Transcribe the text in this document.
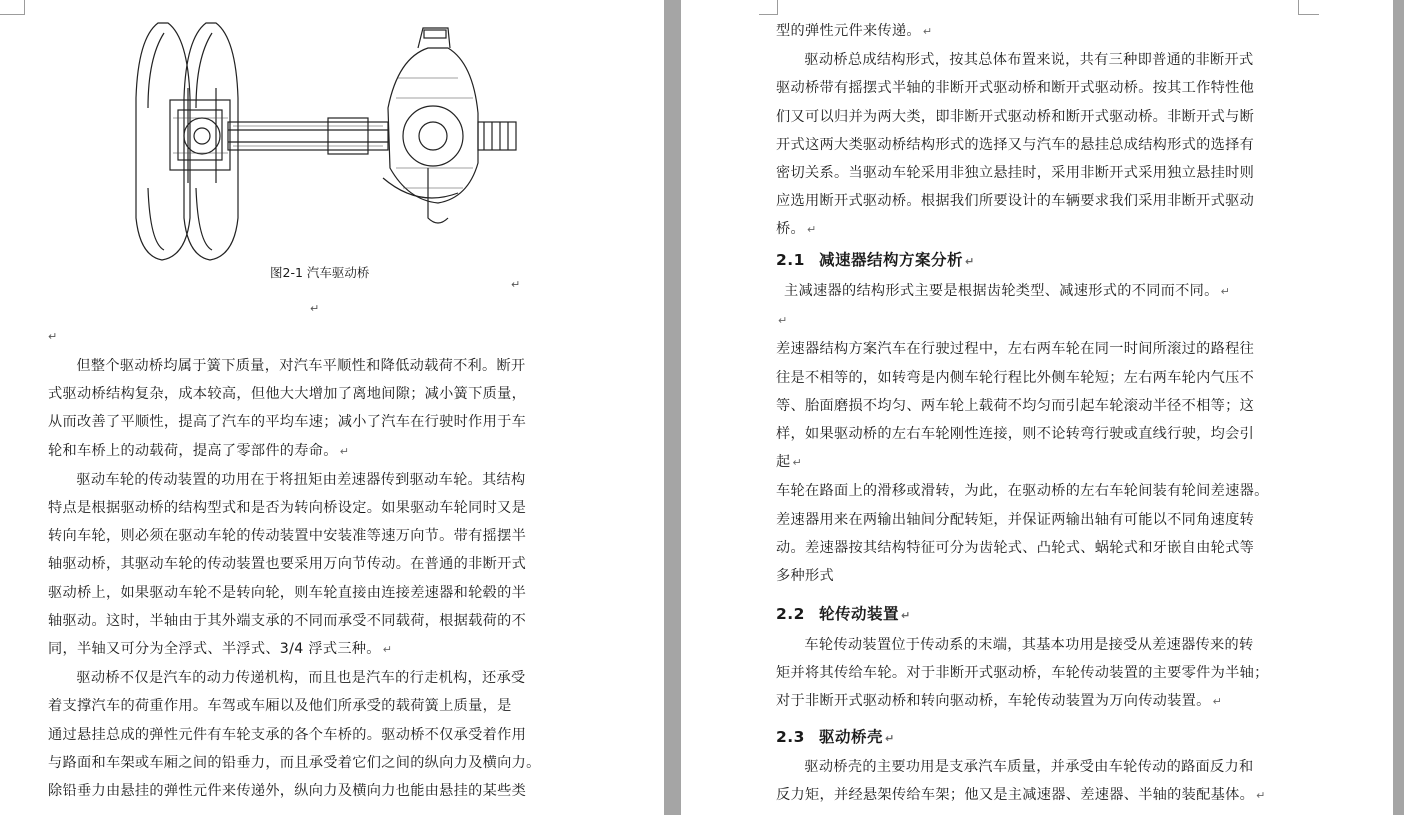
图2-1 汽车驱动桥
↵
↵
↵

但整个驱动桥均属于簧下质量，对汽车平顺性和降低动载荷不利。断开
式驱动桥结构复杂，成本较高，但他大大增加了离地间隙；减小簧下质量，
从而改善了平顺性，提高了汽车的平均车速；减小了汽车在行驶时作用于车
轮和车桥上的动载荷，提高了零部件的寿命。 ↵

驱动车轮的传动装置的功用在于将扭矩由差速器传到驱动车轮。其结构
特点是根据驱动桥的结构型式和是否为转向桥设定。如果驱动车轮同时又是
转向车轮，则必须在驱动车轮的传动装置中安装准等速万向节。带有摇摆半
轴驱动桥，其驱动车轮的传动装置也要采用万向节传动。在普通的非断开式
驱动桥上，如果驱动车轮不是转向轮，则车轮直接由连接差速器和轮毂的半
轴驱动。这时，半轴由于其外端支承的不同而承受不同载荷，根据载荷的不
同，半轴又可分为全浮式、半浮式、3/4 浮式三种。 ↵

驱动桥不仅是汽车的动力传递机构，而且也是汽车的行走机构，还承受
着支撑汽车的荷重作用。车驾或车厢以及他们所承受的载荷簧上质量，是
通过悬挂总成的弹性元件有车轮支承的各个车桥的。驱动桥不仅承受着作用
与路面和车架或车厢之间的铅垂力，而且承受着它们之间的纵向力及横向力。
除铅垂力由悬挂的弹性元件来传递外，纵向力及横向力也能由悬挂的某些类

型的弹性元件来传递。 ↵

驱动桥总成结构形式，按其总体布置来说，共有三种即普通的非断开式
驱动桥带有摇摆式半轴的非断开式驱动桥和断开式驱动桥。按其工作特性他
们又可以归并为两大类，即非断开式驱动桥和断开式驱动桥。非断开式与断
开式这两大类驱动桥结构形式的选择又与汽车的悬挂总成结构形式的选择有
密切关系。当驱动车轮采用非独立悬挂时，采用非断开式采用独立悬挂时则
应选用断开式驱动桥。根据我们所要设计的车辆要求我们采用非断开式驱动
桥。 ↵

2.1 减速器结构方案分析 ↵
主减速器的结构形式主要是根据齿轮类型、减速形式的不同而不同。 ↵
↵

差速器结构方案汽车在行驶过程中，左右两车轮在同一时间所滚过的路程往
往是不相等的，如转弯是内侧车轮行程比外侧车轮短；左右两车轮内气压不
等、胎面磨损不均匀、两车轮上载荷不均匀而引起车轮滚动半径不相等；这
样，如果驱动桥的左右车轮刚性连接，则不论转弯行驶或直线行驶，均会引
起 ↵

车轮在路面上的滑移或滑转，为此，在驱动桥的左右车轮间装有轮间差速器。
差速器用来在两输出轴间分配转矩，并保证两输出轴有可能以不同角速度转
动。差速器按其结构特征可分为齿轮式、凸轮式、蜗轮式和牙嵌自由轮式等
多种形式

2.2 轮传动装置 ↵

车轮传动装置位于传动系的末端，其基本功用是接受从差速器传来的转
矩并将其传给车轮。对于非断开式驱动桥，车轮传动装置的主要零件为半轴；
对于非断开式驱动桥和转向驱动桥，车轮传动装置为万向传动装置。 ↵

2.3 驱动桥壳 ↵

驱动桥壳的主要功用是支承汽车质量，并承受由车轮传动的路面反力和
反力矩，并经悬架传给车架；他又是主减速器、差速器、半轴的装配基体。 ↵
